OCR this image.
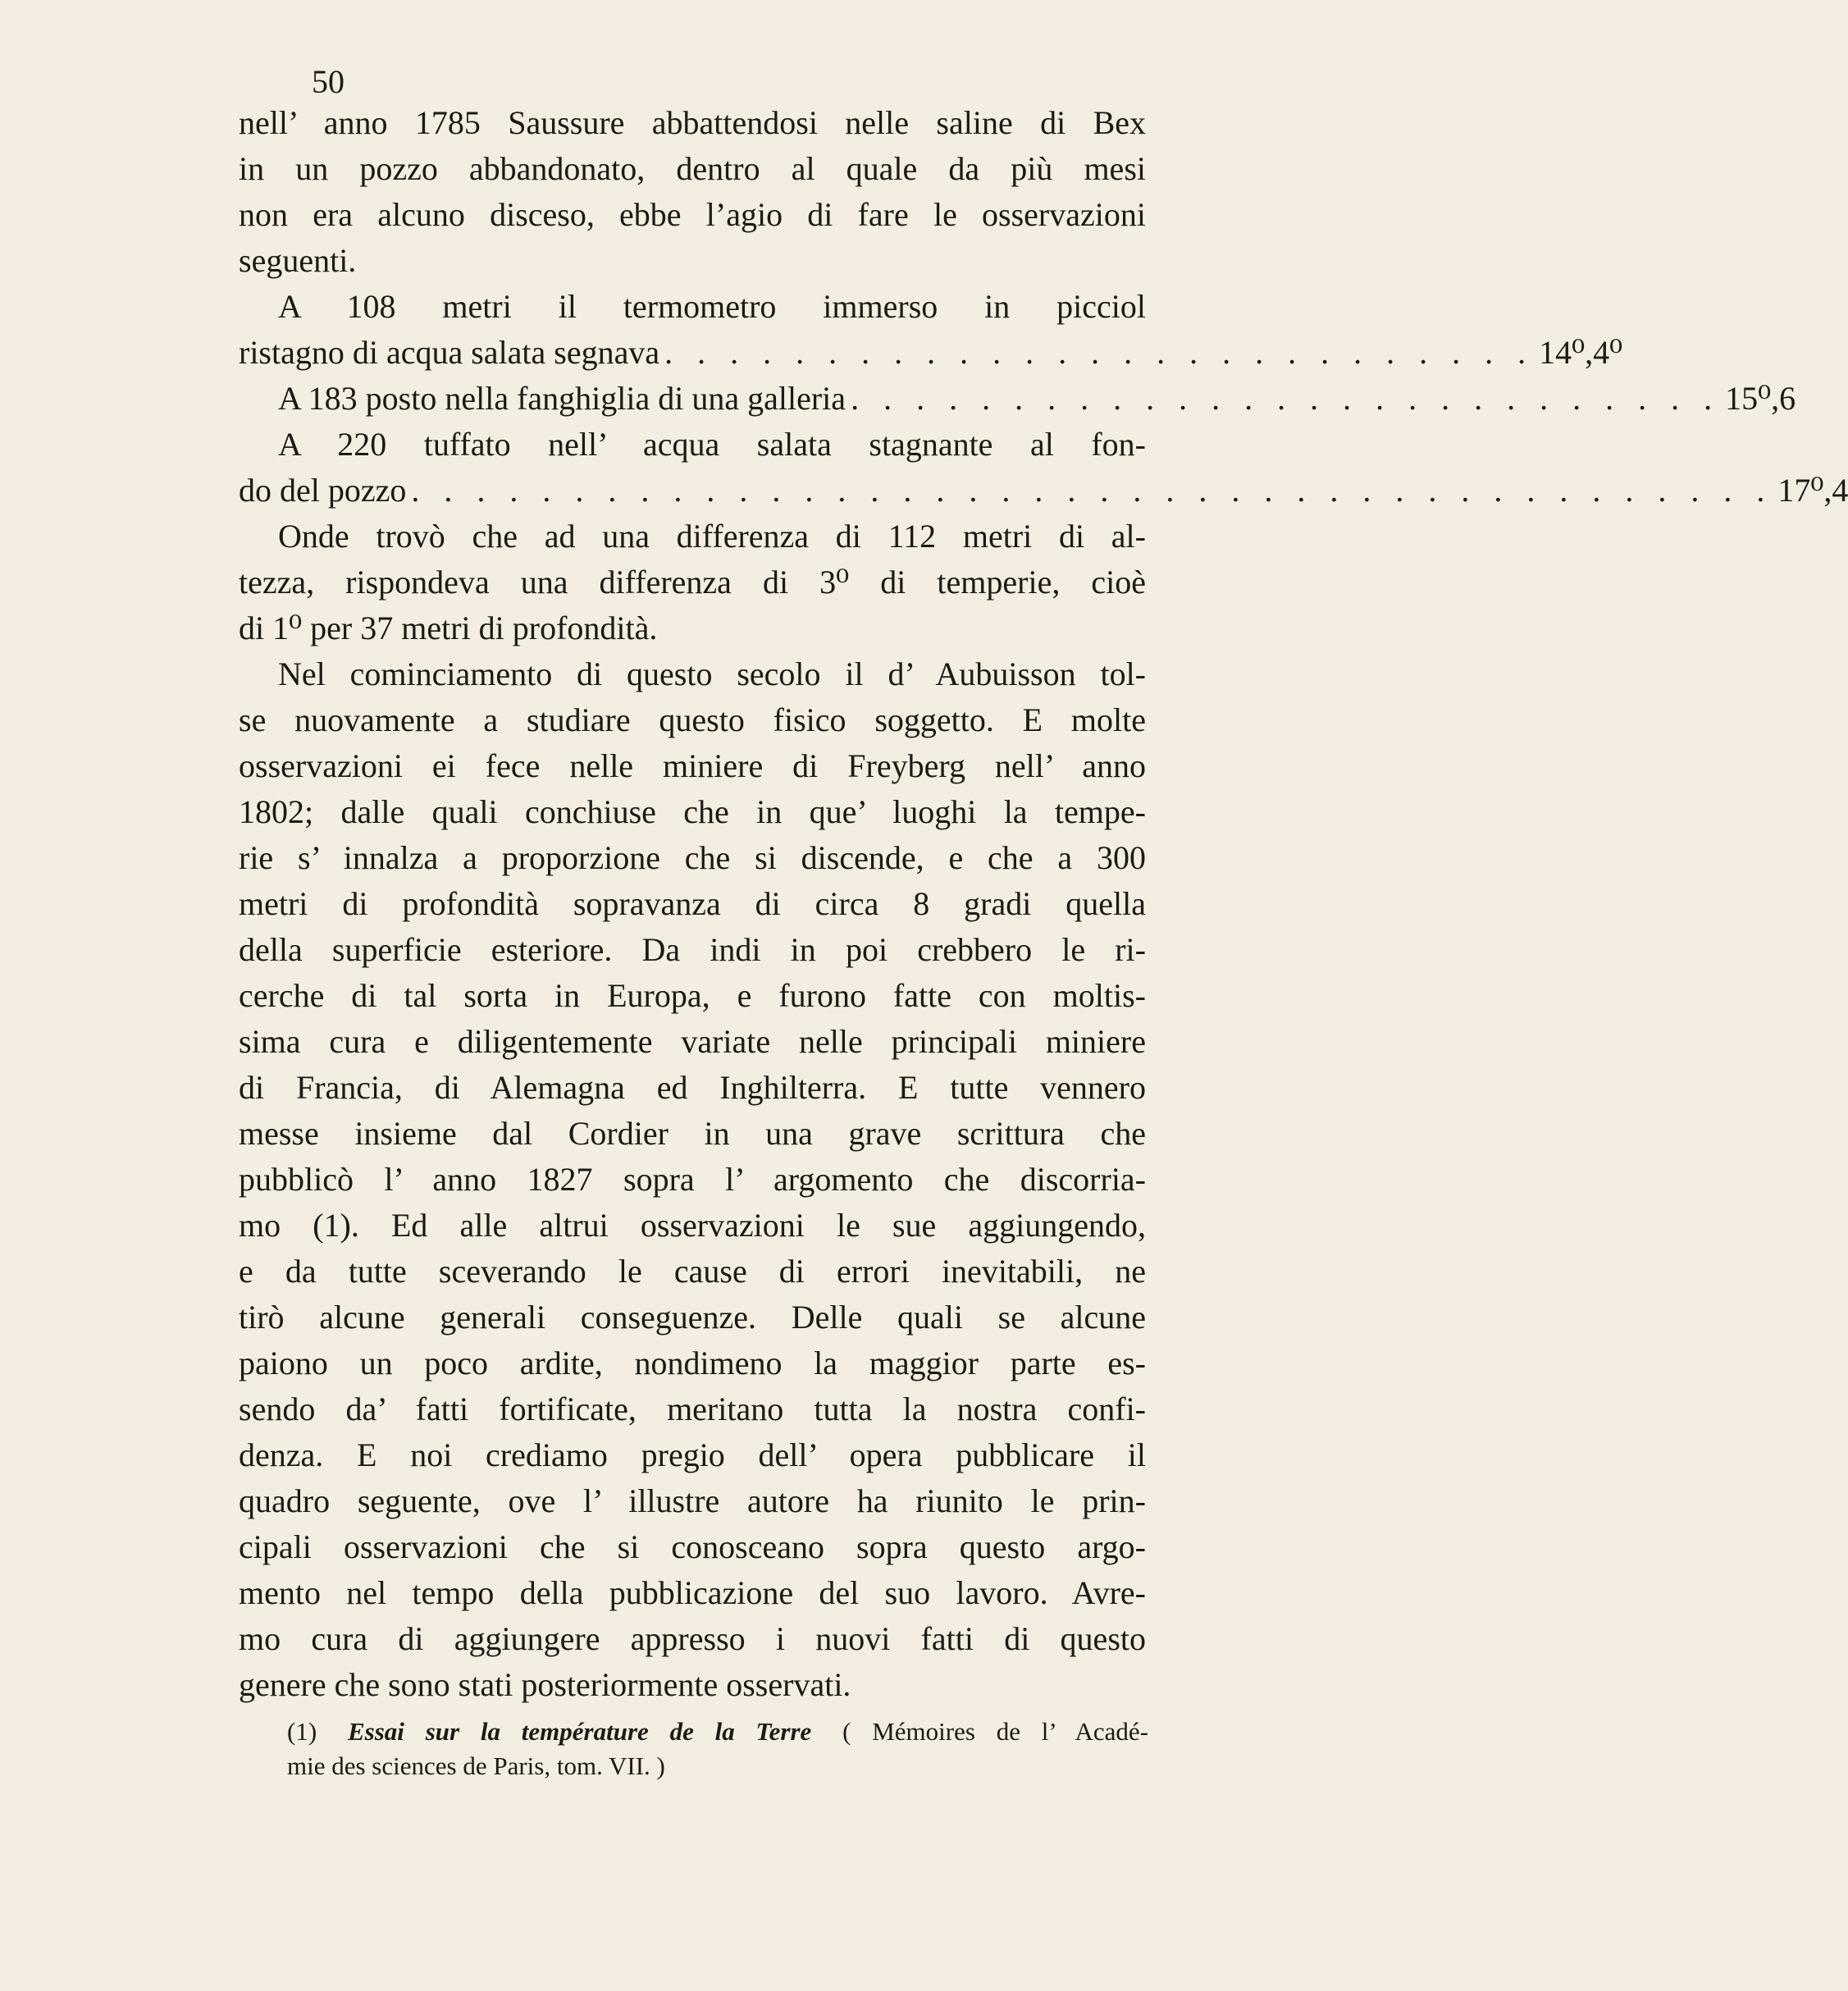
50
nell’ anno 1785 Saussure abbattendosi nelle saline di Bex
in un pozzo abbandonato, dentro al quale da più mesi
non era alcuno disceso, ebbe l’agio di fare le osservazioni
seguenti.
A 108 metri il termometro immerso in picciol
ristagno di acqua salata segnava . . . . . . . . . . . . . . . . . . . . . . . . . . . 14⁰,4⁰
A 183 posto nella fanghiglia di una galleria . . . . . . . . . . . . . . . . . . . . . . . . . . . 15⁰,6
A 220 tuffato nell’ acqua salata stagnante al fon-
do del pozzo . . . . . . . . . . . . . . . . . . . . . . . . . . . . . . . . . . . . . . . . . . 17⁰,4
Onde trovò che ad una differenza di 112 metri di al-
tezza, rispondeva una differenza di 3⁰ di temperie, cioè
di 1⁰ per 37 metri di profondità.
Nel cominciamento di questo secolo il d’ Aubuisson tol-
se nuovamente a studiare questo fisico soggetto. E molte
osservazioni ei fece nelle miniere di Freyberg nell’ anno
1802; dalle quali conchiuse che in que’ luoghi la tempe-
rie s’ innalza a proporzione che si discende, e che a 300
metri di profondità sopravanza di circa 8 gradi quella
della superficie esteriore. Da indi in poi crebbero le ri-
cerche di tal sorta in Europa, e furono fatte con moltis-
sima cura e diligentemente variate nelle principali miniere
di Francia, di Alemagna ed Inghilterra. E tutte vennero
messe insieme dal Cordier in una grave scrittura che
pubblicò l’ anno 1827 sopra l’ argomento che discorria-
mo (1). Ed alle altrui osservazioni le sue aggiungendo,
e da tutte sceverando le cause di errori inevitabili, ne
tirò alcune generali conseguenze. Delle quali se alcune
paiono un poco ardite, nondimeno la maggior parte es-
sendo da’ fatti fortificate, meritano tutta la nostra confi-
denza. E noi crediamo pregio dell’ opera pubblicare il
quadro seguente, ove l’ illustre autore ha riunito le prin-
cipali osservazioni che si conosceano sopra questo argo-
mento nel tempo della pubblicazione del suo lavoro. Avre-
mo cura di aggiungere appresso i nuovi fatti di questo
genere che sono stati posteriormente osservati.
(1) Essai sur la température de la Terre ( Mémoires de l’ Acadé-
mie des sciences de Paris, tom. VII. )
